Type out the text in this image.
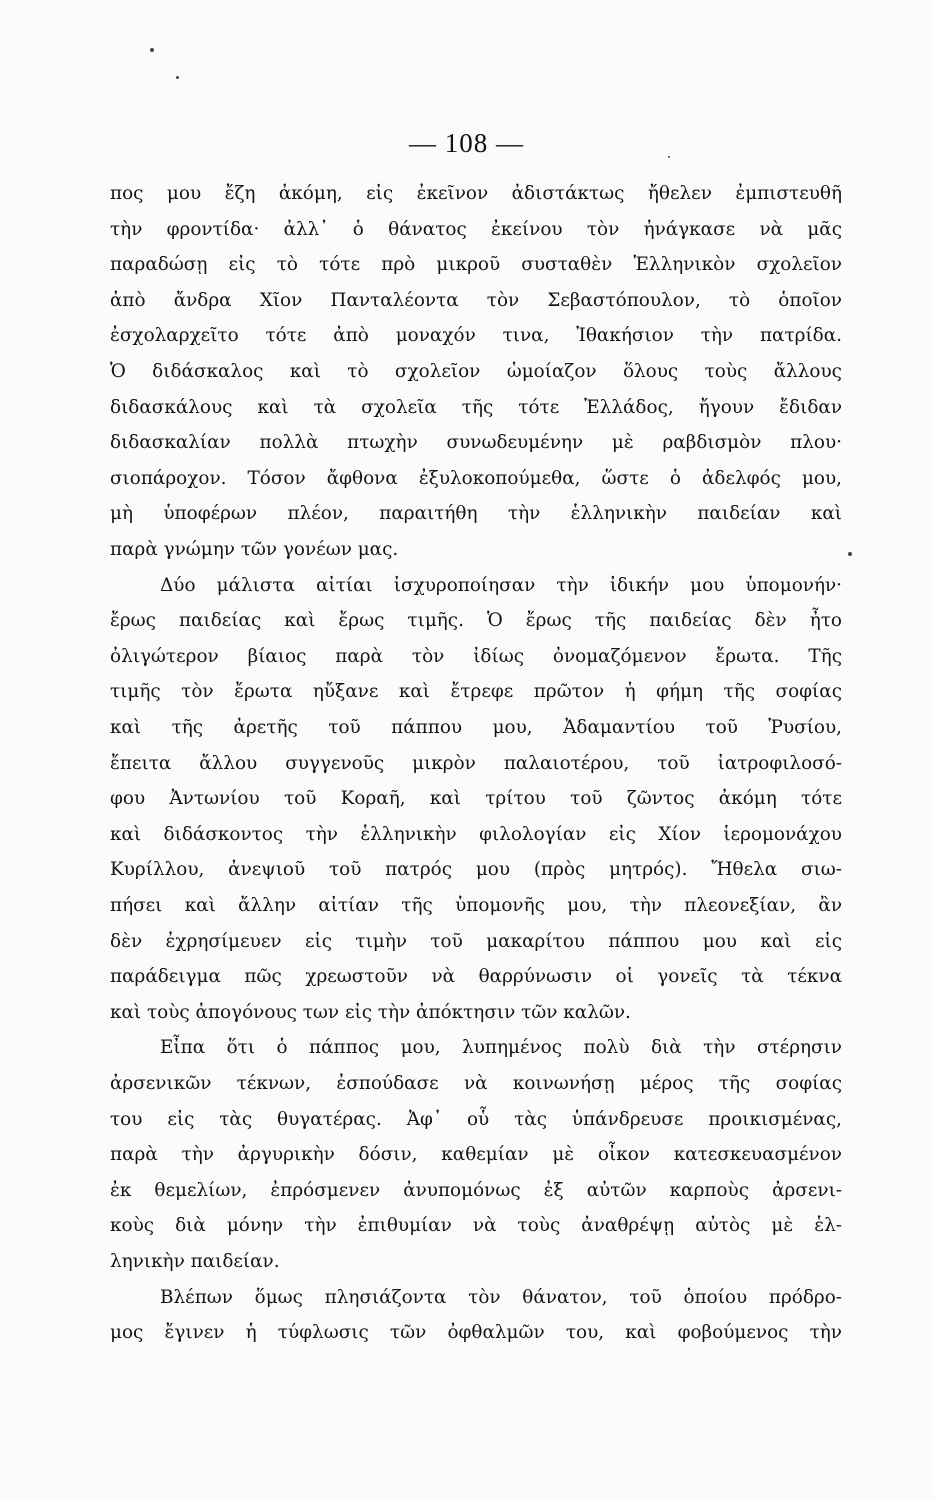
— 108 —
πος μου ἔζη ἀκόμη, εἰς ἐκεῖνον ἀδιστάκτως ἤθελεν ἐμπιστευθῆ
τὴν φροντίδα· ἀλλ᾽ ὁ θάνατος ἐκείνου τὸν ἠνάγκασε νὰ μᾶς
παραδώσῃ εἰς τὸ τότε πρὸ μικροῦ συσταθὲν Ἑλληνικὸν σχολεῖον
ἀπὸ ἄνδρα Χῖον Πανταλέοντα τὸν Σεβαστόπουλον, τὸ ὁποῖον
ἐσχολαρχεῖτο τότε ἀπὸ μοναχόν τινα, Ἰθακήσιον τὴν πατρίδα.
Ὁ διδάσκαλος καὶ τὸ σχολεῖον ὡμοίαζον ὅλους τοὺς ἄλλους
διδασκάλους καὶ τὰ σχολεῖα τῆς τότε Ἑλλάδος, ἤγουν ἔδιδαν
διδασκαλίαν πολλὰ πτωχὴν συνωδευμένην μὲ ραβδισμὸν πλου·
σιοπάροχον. Τόσον ἄφθονα ἐξυλοκοπούμεθα, ὥστε ὁ ἀδελφός μου,
μὴ ὑποφέρων πλέον, παραιτήθη τὴν ἑλληνικὴν παιδείαν καὶ
παρὰ γνώμην τῶν γονέων μας.
Δύο μάλιστα αἰτίαι ἰσχυροποίησαν τὴν ἰδικήν μου ὑπομονήν·
ἔρως παιδείας καὶ ἔρως τιμῆς. Ὁ ἔρως τῆς παιδείας δὲν ἦτο
ὀλιγώτερον βίαιος παρὰ τὸν ἰδίως ὀνομαζόμενον ἔρωτα. Τῆς
τιμῆς τὸν ἔρωτα ηὔξανε καὶ ἔτρεφε πρῶτον ἡ φήμη τῆς σοφίας
καὶ τῆς ἀρετῆς τοῦ πάππου μου, Ἀδαμαντίου τοῦ Ῥυσίου,
ἔπειτα ἄλλου συγγενοῦς μικρὸν παλαιοτέρου, τοῦ ἰατροφιλοσό-
φου Ἀντωνίου τοῦ Κοραῆ, καὶ τρίτου τοῦ ζῶντος ἀκόμη τότε
καὶ διδάσκοντος τὴν ἑλληνικὴν φιλολογίαν εἰς Χίον ἱερομονάχου
Κυρίλλου, ἀνεψιοῦ τοῦ πατρός μου (πρὸς μητρός). Ἤθελα σιω-
πήσει καὶ ἄλλην αἰτίαν τῆς ὑπομονῆς μου, τὴν πλεονεξίαν, ἂν
δὲν ἐχρησίμευεν εἰς τιμὴν τοῦ μακαρίτου πάππου μου καὶ εἰς
παράδειγμα πῶς χρεωστοῦν νὰ θαρρύνωσιν οἱ γονεῖς τὰ τέκνα
καὶ τοὺς ἀπογόνους των εἰς τὴν ἀπόκτησιν τῶν καλῶν.
Εἶπα ὅτι ὁ πάππος μου, λυπημένος πολὺ διὰ τὴν στέρησιν
ἀρσενικῶν τέκνων, ἐσπούδασε νὰ κοινωνήσῃ μέρος τῆς σοφίας
του εἰς τὰς θυγατέρας. Ἀφ᾽ οὗ τὰς ὑπάνδρευσε προικισμένας,
παρὰ τὴν ἀργυρικὴν δόσιν, καθεμίαν μὲ οἶκον κατεσκευασμένον
ἐκ θεμελίων, ἐπρόσμενεν ἀνυπομόνως ἐξ αὐτῶν καρποὺς ἀρσενι-
κοὺς διὰ μόνην τὴν ἐπιθυμίαν νὰ τοὺς ἀναθρέψῃ αὐτὸς μὲ ἑλ-
ληνικὴν παιδείαν.
Βλέπων ὅμως πλησιάζοντα τὸν θάνατον, τοῦ ὁποίου πρόδρο-
μος ἔγινεν ἡ τύφλωσις τῶν ὀφθαλμῶν του, καὶ φοβούμενος τὴν
